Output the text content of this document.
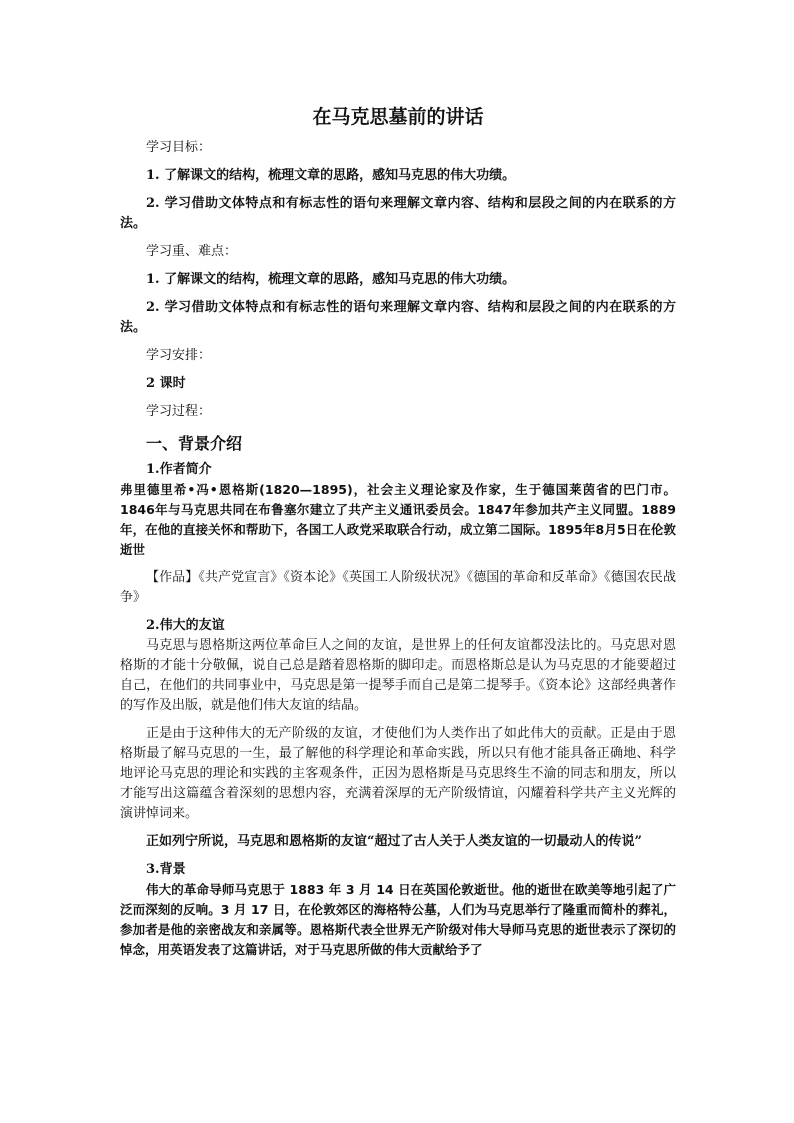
在马克思墓前的讲话

学习目标：

1. 了解课文的结构，梳理文章的思路，感知马克思的伟大功绩。

2. 学习借助文体特点和有标志性的语句来理解文章内容、结构和层段之间的内在联系的方法。

学习重、难点：

1. 了解课文的结构，梳理文章的思路，感知马克思的伟大功绩。

2. 学习借助文体特点和有标志性的语句来理解文章内容、结构和层段之间的内在联系的方法。

学习安排：

2 课时

学习过程：

一、背景介绍

1.作者简介

弗里德里希•冯•恩格斯(1820—1895)，社会主义理论家及作家，生于德国莱茵省的巴门市。1846年与马克思共同在布鲁塞尔建立了共产主义通讯委员会。1847年参加共产主义同盟。1889年，在他的直接关怀和帮助下，各国工人政党采取联合行动，成立第二国际。1895年8月5日在伦敦逝世

【作品】《共产党宣言》《资本论》《英国工人阶级状况》《德国的革命和反革命》《德国农民战争》

2.伟大的友谊

马克思与恩格斯这两位革命巨人之间的友谊，是世界上的任何友谊都没法比的。马克思对恩格斯的才能十分敬佩，说自己总是踏着恩格斯的脚印走。而恩格斯总是认为马克思的才能要超过自己，在他们的共同事业中，马克思是第一提琴手而自己是第二提琴手。《资本论》这部经典著作的写作及出版，就是他们伟大友谊的结晶。

正是由于这种伟大的无产阶级的友谊，才使他们为人类作出了如此伟大的贡献。正是由于恩格斯最了解马克思的一生，最了解他的科学理论和革命实践，所以只有他才能具备正确地、科学地评论马克思的理论和实践的主客观条件，正因为恩格斯是马克思终生不渝的同志和朋友，所以才能写出这篇蕴含着深刻的思想内容，充满着深厚的无产阶级情谊，闪耀着科学共产主义光辉的演讲悼词来。

正如列宁所说，马克思和恩格斯的友谊“超过了古人关于人类友谊的一切最动人的传说”

3.背景

伟大的革命导师马克思于 1883 年 3 月 14 日在英国伦敦逝世。他的逝世在欧美等地引起了广泛而深刻的反响。3 月 17 日，在伦敦郊区的海格特公墓，人们为马克思举行了隆重而简朴的葬礼，参加者是他的亲密战友和亲属等。恩格斯代表全世界无产阶级对伟大导师马克思的逝世表示了深切的悼念，用英语发表了这篇讲话，对于马克思所做的伟大贡献给予了
